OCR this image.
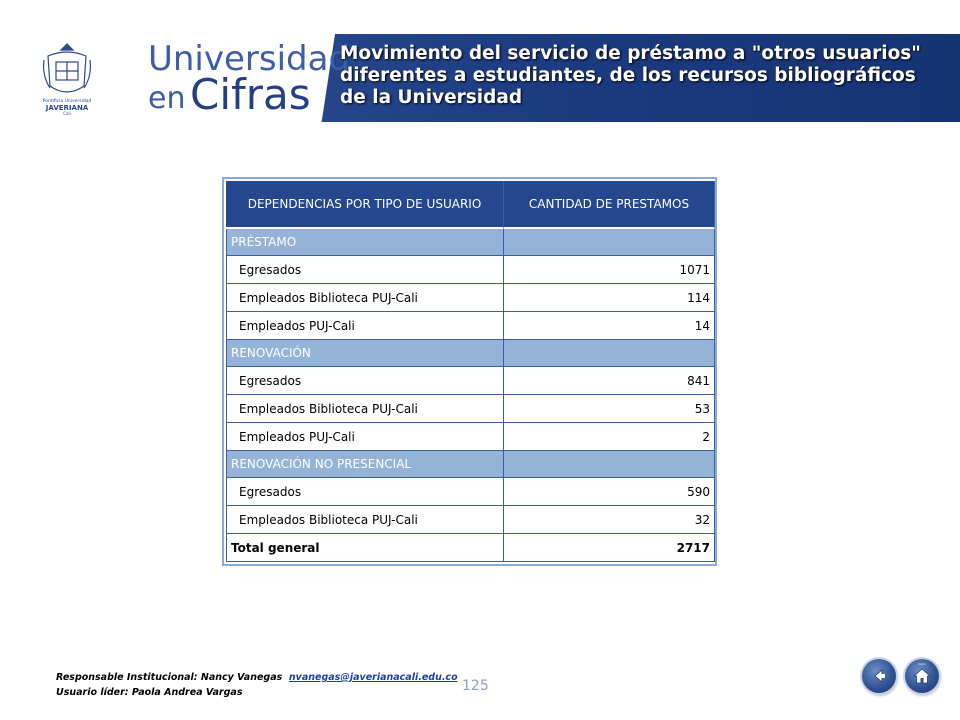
Pontificia Universidad
JAVERIANA
Cali
Universidad
en Cifras
Movimiento del servicio de préstamo a "otros usuarios" diferentes a estudiantes, de los recursos bibliográficos de la Universidad
DEPENDENCIAS POR TIPO DE USUARIO	CANTIDAD DE PRESTAMOS
PRÉSTAMO	
Egresados	1071
Empleados Biblioteca PUJ-Cali	114
Empleados PUJ-Cali	14
RENOVACIÓN	
Egresados	841
Empleados Biblioteca PUJ-Cali	53
Empleados PUJ-Cali	2
RENOVACIÓN NO PRESENCIAL	
Egresados	590
Empleados Biblioteca PUJ-Cali	32
Total general	2717
Responsable Institucional: Nancy Vanegas nvanegas@javerianacali.edu.co
Usuario líder: Paola Andrea Vargas	125
Inicio
